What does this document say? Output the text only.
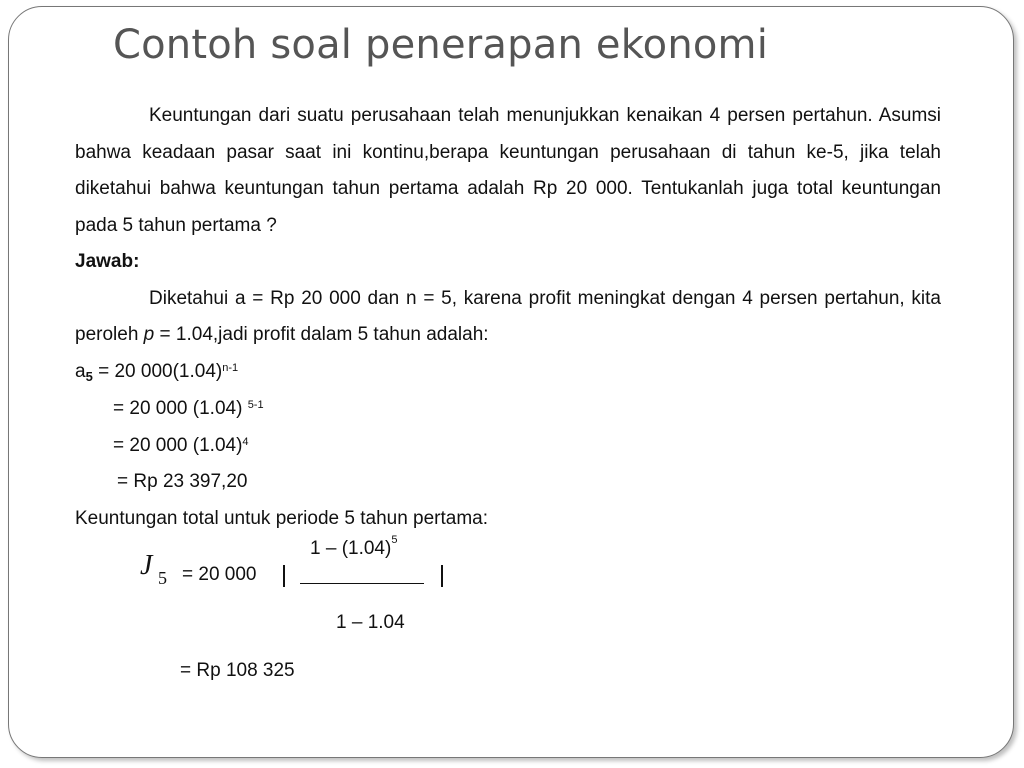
Contoh soal penerapan ekonomi

Keuntungan dari suatu perusahaan telah menunjukkan kenaikan 4 persen pertahun. Asumsi bahwa keadaan pasar saat ini kontinu,berapa keuntungan perusahaan di tahun ke-5, jika telah diketahui bahwa keuntungan tahun pertama adalah Rp 20 000. Tentukanlah juga total keuntungan pada 5 tahun pertama ?

Jawab:

Diketahui a = Rp 20 000 dan n = 5, karena profit meningkat dengan 4 persen pertahun, kita peroleh p = 1.04,jadi profit dalam 5 tahun adalah:

$a_5 = 20$ $000(1.04)^{n-1}$

= 20 000 (1.04) $^{5-1}$

= 20 000 $(1.04)^4$

= Rp 23 397,20

Keuntungan total untuk periode 5 tahun pertama:

J 5 = 20 000
$1 - (1.04)^5$
1 – 1.04
= Rp 108 325
